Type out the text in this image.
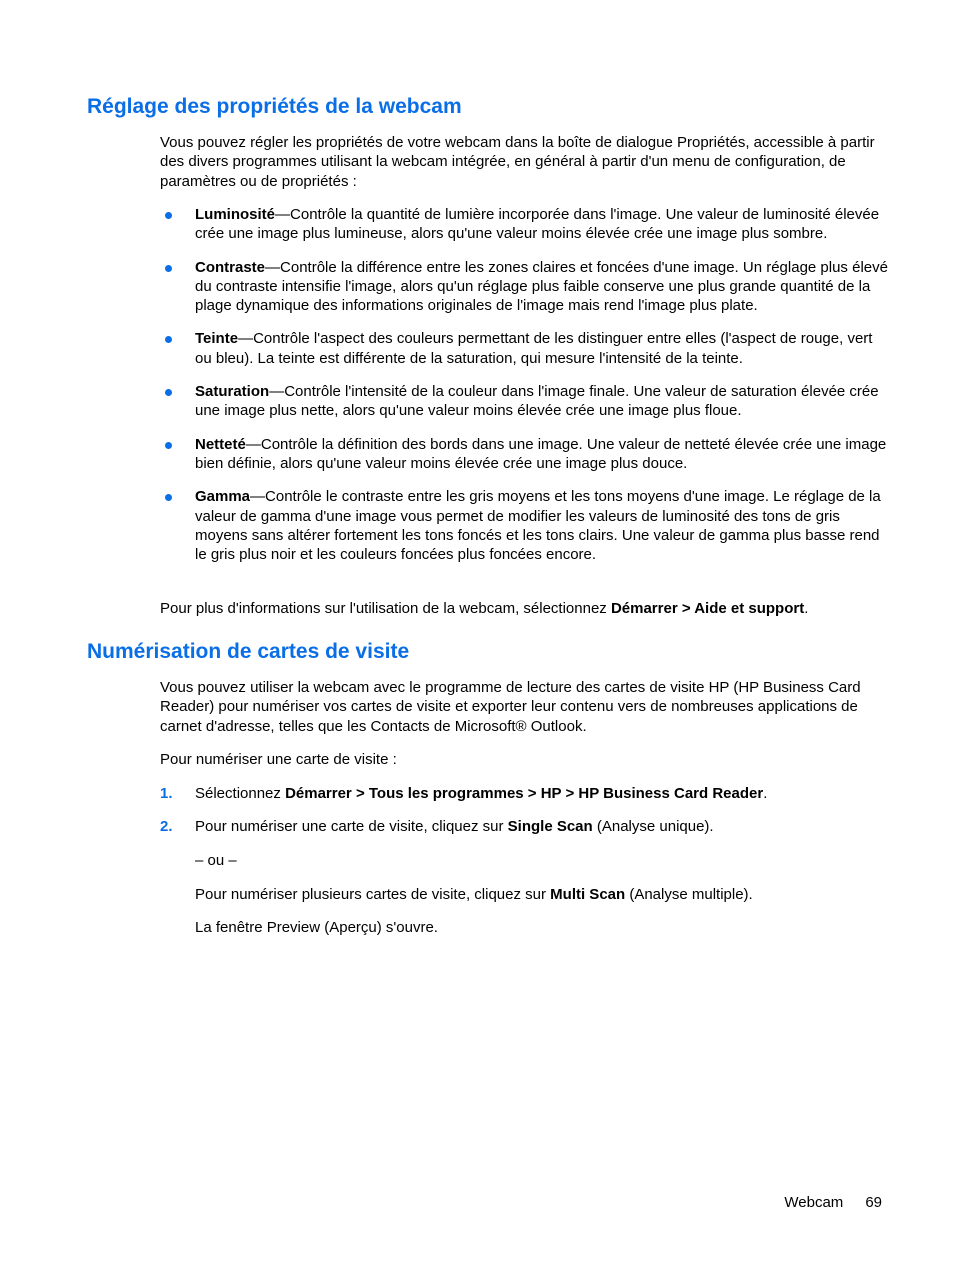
Réglage des propriétés de la webcam

Vous pouvez régler les propriétés de votre webcam dans la boîte de dialogue Propriétés, accessible à partir des divers programmes utilisant la webcam intégrée, en général à partir d'un menu de configuration, de paramètres ou de propriétés :

Luminosité—Contrôle la quantité de lumière incorporée dans l'image. Une valeur de luminosité élevée crée une image plus lumineuse, alors qu'une valeur moins élevée crée une image plus sombre.
Contraste—Contrôle la différence entre les zones claires et foncées d'une image. Un réglage plus élevé du contraste intensifie l'image, alors qu'un réglage plus faible conserve une plus grande quantité de la plage dynamique des informations originales de l'image mais rend l'image plus plate.
Teinte—Contrôle l'aspect des couleurs permettant de les distinguer entre elles (l'aspect de rouge, vert ou bleu). La teinte est différente de la saturation, qui mesure l'intensité de la teinte.
Saturation—Contrôle l'intensité de la couleur dans l'image finale. Une valeur de saturation élevée crée une image plus nette, alors qu'une valeur moins élevée crée une image plus floue.
Netteté—Contrôle la définition des bords dans une image. Une valeur de netteté élevée crée une image bien définie, alors qu'une valeur moins élevée crée une image plus douce.
Gamma—Contrôle le contraste entre les gris moyens et les tons moyens d'une image. Le réglage de la valeur de gamma d'une image vous permet de modifier les valeurs de luminosité des tons de gris moyens sans altérer fortement les tons foncés et les tons clairs. Une valeur de gamma plus basse rend le gris plus noir et les couleurs foncées plus foncées encore.

Pour plus d'informations sur l'utilisation de la webcam, sélectionnez Démarrer > Aide et support.

Numérisation de cartes de visite

Vous pouvez utiliser la webcam avec le programme de lecture des cartes de visite HP (HP Business Card Reader) pour numériser vos cartes de visite et exporter leur contenu vers de nombreuses applications de carnet d'adresse, telles que les Contacts de Microsoft® Outlook.

Pour numériser une carte de visite :

1. Sélectionnez Démarrer > Tous les programmes > HP > HP Business Card Reader.
2. Pour numériser une carte de visite, cliquez sur Single Scan (Analyse unique).

– ou –

Pour numériser plusieurs cartes de visite, cliquez sur Multi Scan (Analyse multiple).

La fenêtre Preview (Aperçu) s'ouvre.

Webcam 69
